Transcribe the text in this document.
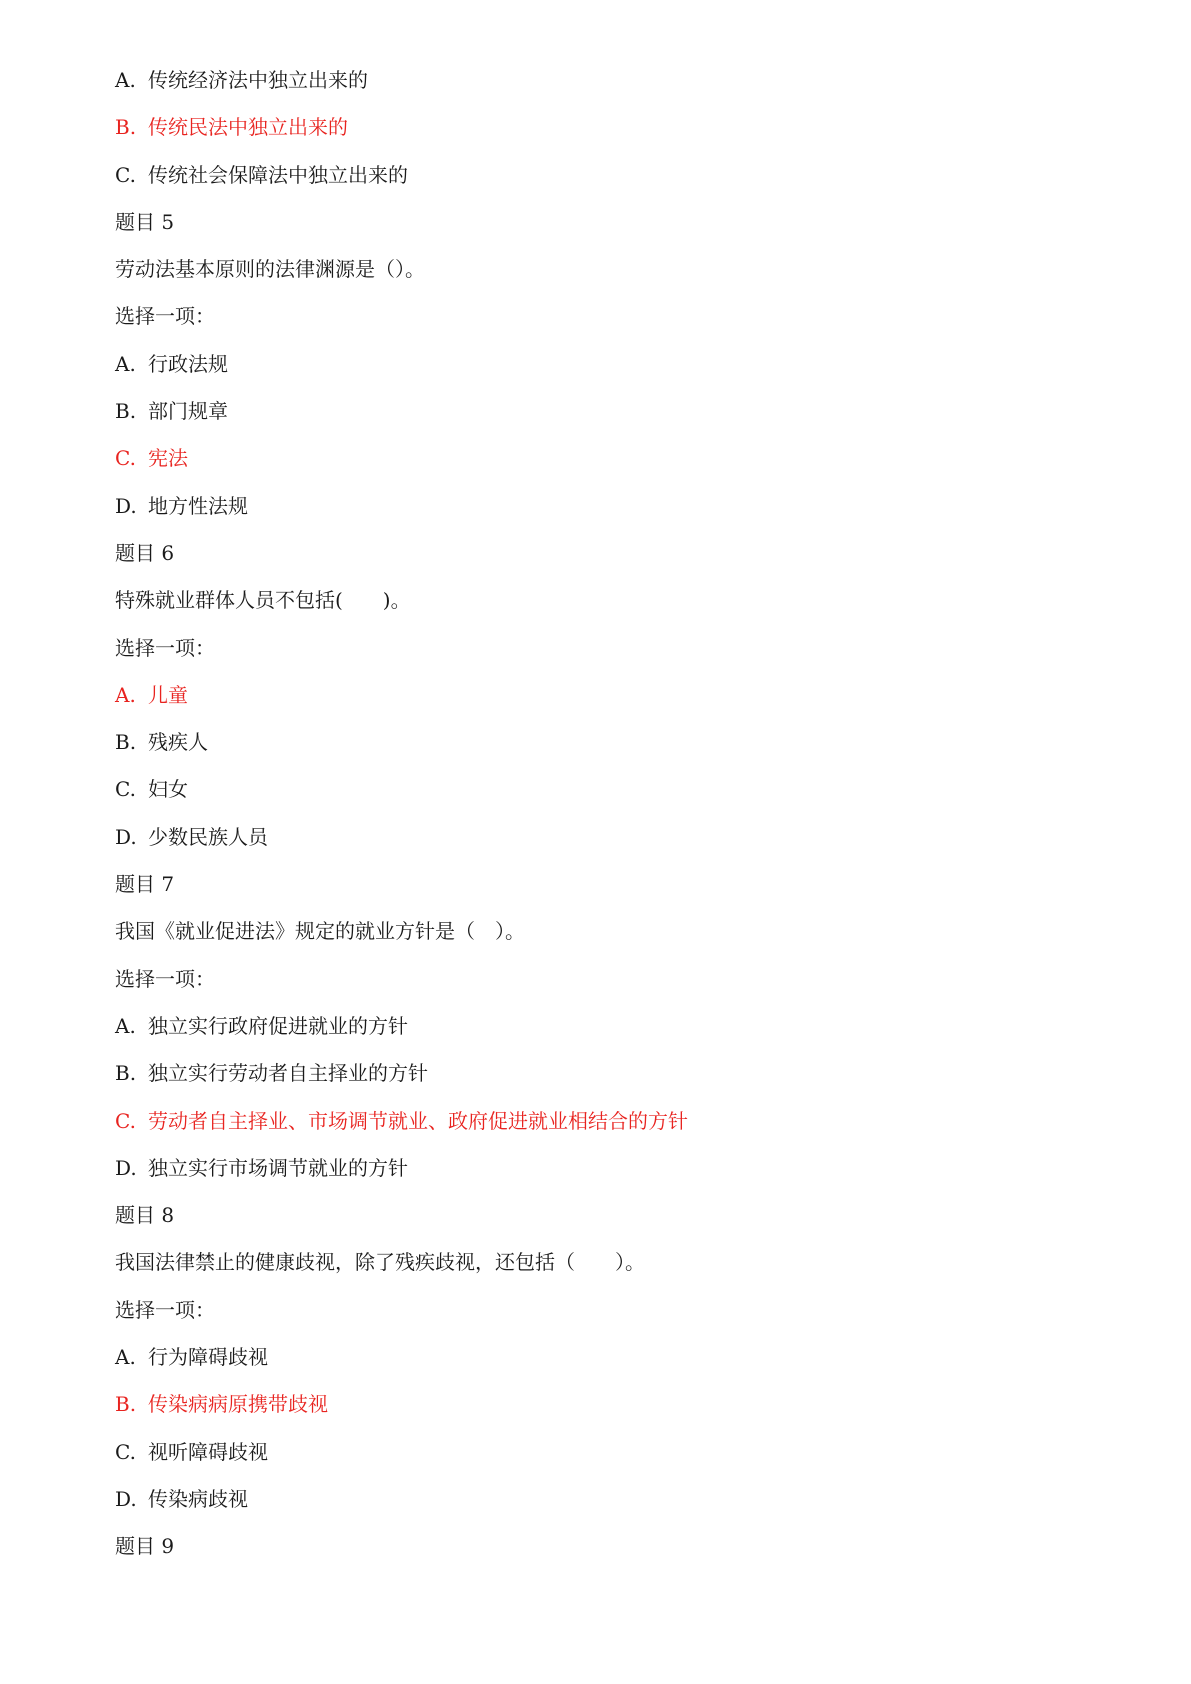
A. 传统经济法中独立出来的
B. 传统民法中独立出来的
C. 传统社会保障法中独立出来的
题目 5
劳动法基本原则的法律渊源是（）。
选择一项：
A. 行政法规
B. 部门规章
C. 宪法
D. 地方性法规
题目 6
特殊就业群体人员不包括(　　)。
选择一项：
A. 儿童
B. 残疾人
C. 妇女
D. 少数民族人员
题目 7
我国《就业促进法》规定的就业方针是（　）。
选择一项：
A. 独立实行政府促进就业的方针
B. 独立实行劳动者自主择业的方针
C. 劳动者自主择业、市场调节就业、政府促进就业相结合的方针
D. 独立实行市场调节就业的方针
题目 8
我国法律禁止的健康歧视，除了残疾歧视，还包括（　　）。
选择一项：
A. 行为障碍歧视
B. 传染病病原携带歧视
C. 视听障碍歧视
D. 传染病歧视
题目 9
